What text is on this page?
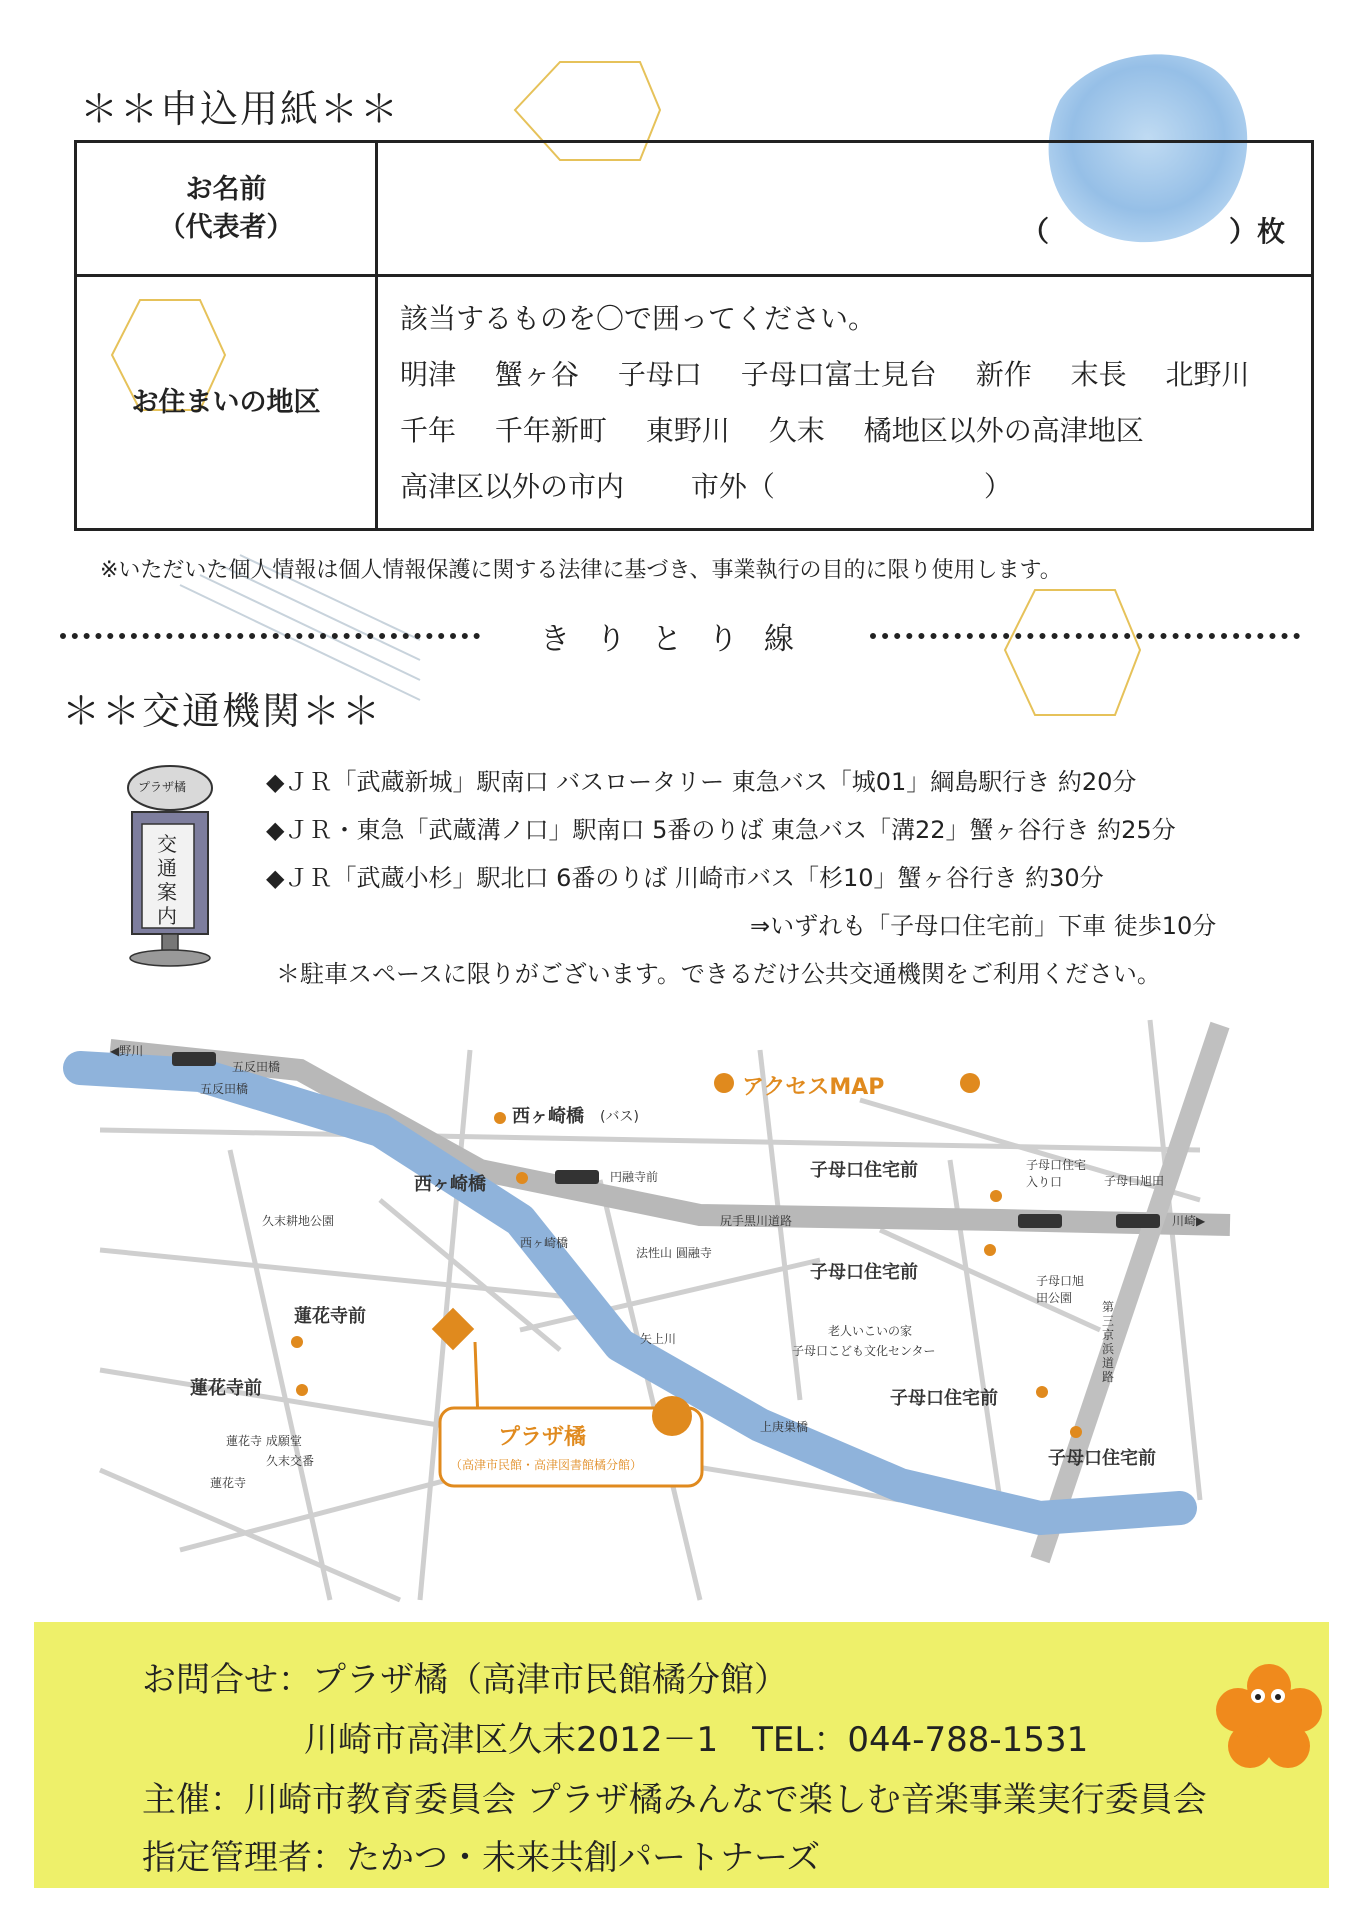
＊＊申込用紙＊＊
お名前
（代表者）	（ ）枚

お住まいの地区	該当するものを〇で囲ってください。
明津 蟹ヶ谷 子母口 子母口富士見台 新作 末長 北野川
千年 千年新町 東野川 久末 橘地区以外の高津地区
高津区以外の市内 市外（ ）
※いただいた個人情報は個人情報保護に関する法律に基づき、事業執行の目的に限り使用します。
きりとり線
＊＊交通機関＊＊
プラザ橘
交通案内
◆ＪＲ「武蔵新城」駅南口 バスロータリー 東急バス「城01」綱島駅行き 約20分
◆ＪＲ・東急「武蔵溝ノ口」駅南口 5番のりば 東急バス「溝22」蟹ヶ谷行き 約25分
◆ＪＲ「武蔵小杉」駅北口 6番のりば 川崎市バス「杉10」蟹ヶ谷行き 約30分
⇒いずれも「子母口住宅前」下車 徒歩10分
＊駐車スペースに限りがございます。できるだけ公共交通機関をご利用ください。
アクセスMAP
◀野川
五反田橋
五反田橋
西ヶ崎橋 (バス)
円融寺前	子母口住宅前	子母口住宅入り口	子母口旭田
川崎▶
尻手黒川道路
久末耕地公園
西ヶ崎橋
西ヶ崎橋
法性山 圓融寺
子母口住宅前	子母口旭田公園
第三京浜道路
蓮花寺前
蓮花寺前
矢上川
老人いこいの家
子母口こども文化センター
子母口住宅前
子母口住宅前
プラザ橘
（高津市民館・高津図書館橘分館）
上庚巣橋
蓮花寺 成願堂
久末交番
蓮花寺
お問合せ：プラザ橘（高津市民館橘分館）
川崎市高津区久末2012－1　TEL：044-788-1531
主催：川崎市教育委員会 プラザ橘みんなで楽しむ音楽事業実行委員会
指定管理者：たかつ・未来共創パートナーズ
